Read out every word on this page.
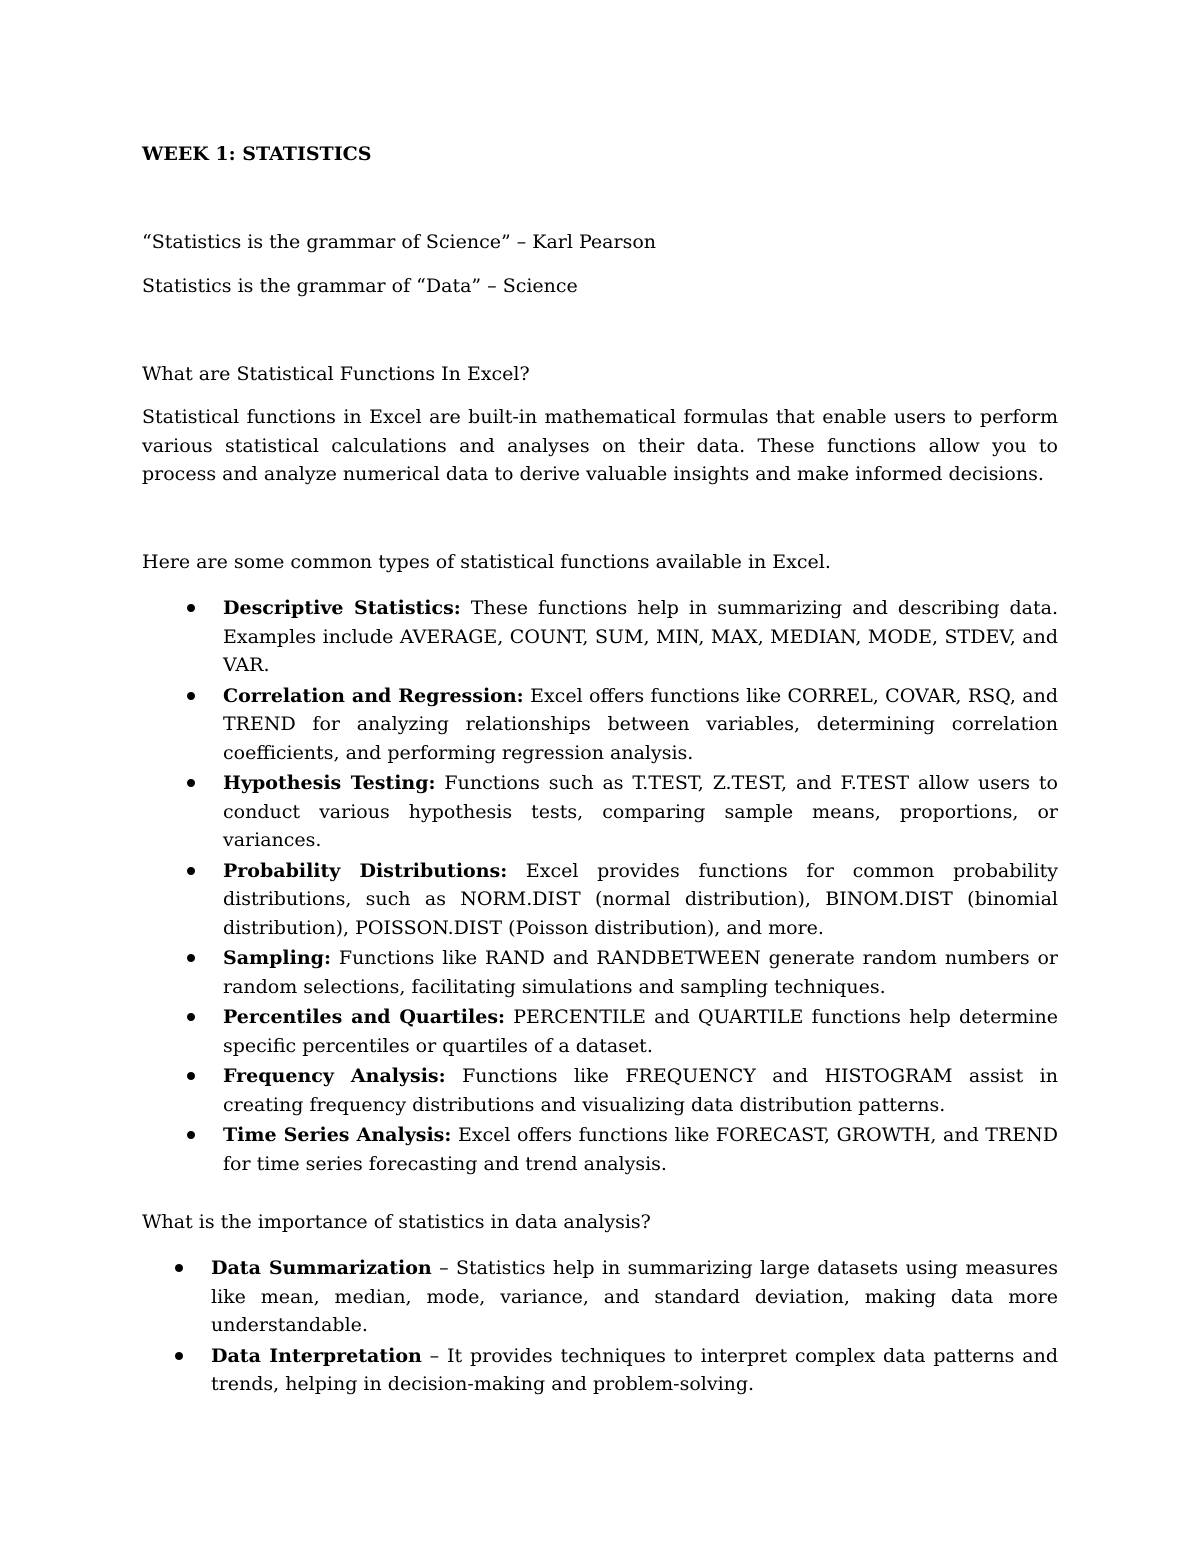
WEEK 1: STATISTICS
“Statistics is the grammar of Science” – Karl Pearson
Statistics is the grammar of “Data” – Science
What are Statistical Functions In Excel?
Statistical functions in Excel are built-in mathematical formulas that enable users to perform various statistical calculations and analyses on their data. These functions allow you to process and analyze numerical data to derive valuable insights and make informed decisions.
Here are some common types of statistical functions available in Excel.
Descriptive Statistics: These functions help in summarizing and describing data. Examples include AVERAGE, COUNT, SUM, MIN, MAX, MEDIAN, MODE, STDEV, and VAR.
Correlation and Regression: Excel offers functions like CORREL, COVAR, RSQ, and TREND for analyzing relationships between variables, determining correlation coefficients, and performing regression analysis.
Hypothesis Testing: Functions such as T.TEST, Z.TEST, and F.TEST allow users to conduct various hypothesis tests, comparing sample means, proportions, or variances.
Probability Distributions: Excel provides functions for common probability distributions, such as NORM.DIST (normal distribution), BINOM.DIST (binomial distribution), POISSON.DIST (Poisson distribution), and more.
Sampling: Functions like RAND and RANDBETWEEN generate random numbers or random selections, facilitating simulations and sampling techniques.
Percentiles and Quartiles: PERCENTILE and QUARTILE functions help determine specific percentiles or quartiles of a dataset.
Frequency Analysis: Functions like FREQUENCY and HISTOGRAM assist in creating frequency distributions and visualizing data distribution patterns.
Time Series Analysis: Excel offers functions like FORECAST, GROWTH, and TREND for time series forecasting and trend analysis.
What is the importance of statistics in data analysis?
Data Summarization – Statistics help in summarizing large datasets using measures like mean, median, mode, variance, and standard deviation, making data more understandable.
Data Interpretation – It provides techniques to interpret complex data patterns and trends, helping in decision-making and problem-solving.
